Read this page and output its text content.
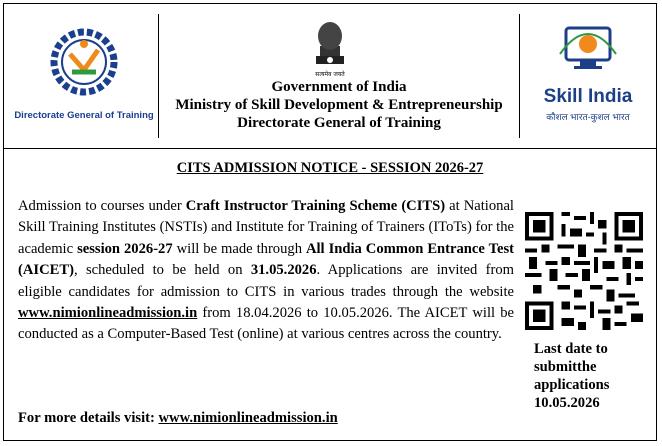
Directorate General of Training
सत्यमेव जयते
Government of India
Ministry of Skill Development & Entrepreneurship
Directorate General of Training
Skill India
कौशल भारत-कुशल भारत
CITS ADMISSION NOTICE - SESSION 2026-27
Admission to courses under Craft Instructor Training Scheme (CITS) at National Skill Training Institutes (NSTIs) and Institute for Training of Trainers (IToTs) for the academic session 2026-27 will be made through All India Common Entrance Test (AICET), scheduled to be held on 31.05.2026. Applications are invited from eligible candidates for admission to CITS in various trades through the website www.nimionlineadmission.in from 18.04.2026 to 10.05.2026. The AICET will be conducted as a Computer-Based Test (online) at various centres across the country.
For more details visit: www.nimionlineadmission.in
Last date to
submitthe
applications
10.05.2026
